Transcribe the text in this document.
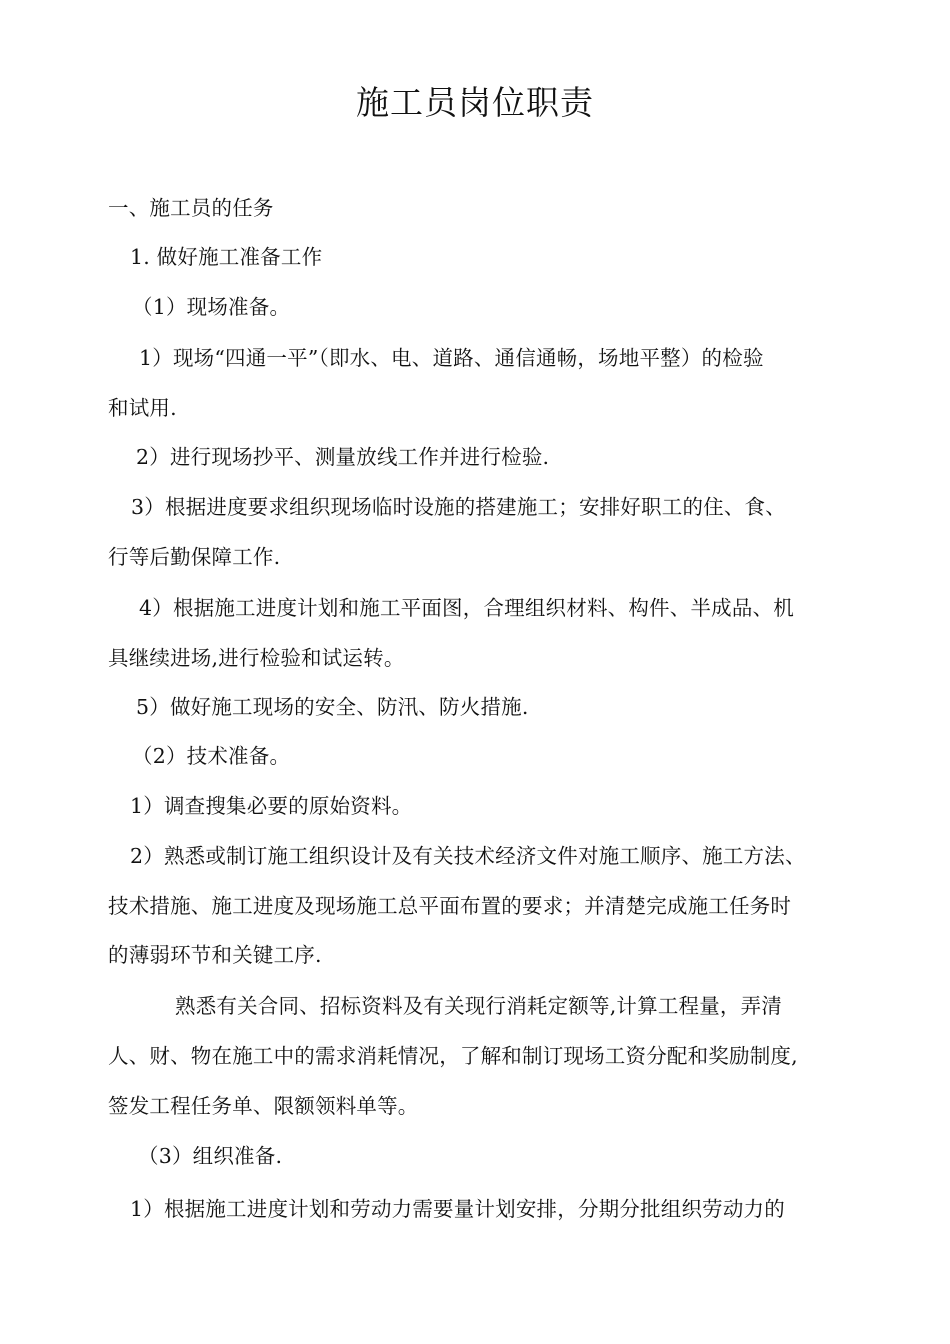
施工员岗位职责
一、施工员的任务
1. 做好施工准备工作
（1）现场准备。
1）现场“四通一平”（即水、电、道路、通信通畅，场地平整）的检验
和试用.
2）进行现场抄平、测量放线工作并进行检验.
3）根据进度要求组织现场临时设施的搭建施工；安排好职工的住、食、
行等后勤保障工作.
4）根据施工进度计划和施工平面图，合理组织材料、构件、半成品、机
具继续进场,进行检验和试运转。
5）做好施工现场的安全、防汛、防火措施.
（2）技术准备。
1）调查搜集必要的原始资料。
2）熟悉或制订施工组织设计及有关技术经济文件对施工顺序、施工方法、
技术措施、施工进度及现场施工总平面布置的要求；并清楚完成施工任务时
的薄弱环节和关键工序.
熟悉有关合同、招标资料及有关现行消耗定额等,计算工程量，弄清
人、财、物在施工中的需求消耗情况，了解和制订现场工资分配和奖励制度,
签发工程任务单、限额领料单等。
（3）组织准备.
1）根据施工进度计划和劳动力需要量计划安排，分期分批组织劳动力的
